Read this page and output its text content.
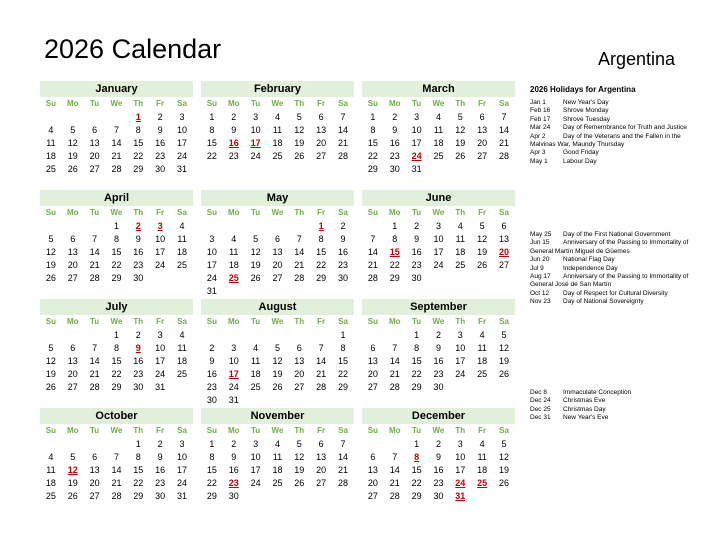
2026 Calendar	Argentina
January
Su	Mo	Tu	We	Th	Fr	Sa
				1	2	3
4	5	6	7	8	9	10
11	12	13	14	15	16	17
18	19	20	21	22	23	24
25	26	27	28	29	30	31

February
Su	Mo	Tu	We	Th	Fr	Sa
1	2	3	4	5	6	7
8	9	10	11	12	13	14
15	16	17	18	19	20	21
22	23	24	25	26	27	28

March
Su	Mo	Tu	We	Th	Fr	Sa
1	2	3	4	5	6	7
8	9	10	11	12	13	14
15	16	17	18	19	20	21
22	23	24	25	26	27	28
29	30	31				

April
Su	Mo	Tu	We	Th	Fr	Sa
			1	2	3	4
5	6	7	8	9	10	11
12	13	14	15	16	17	18
19	20	21	22	23	24	25
26	27	28	29	30		

May
Su	Mo	Tu	We	Th	Fr	Sa
					1	2
3	4	5	6	7	8	9
10	11	12	13	14	15	16
17	18	19	20	21	22	23
24	25	26	27	28	29	30
31						
June
Su	Mo	Tu	We	Th	Fr	Sa
	1	2	3	4	5	6
7	8	9	10	11	12	13
14	15	16	17	18	19	20
21	22	23	24	25	26	27
28	29	30				

July
Su	Mo	Tu	We	Th	Fr	Sa
			1	2	3	4
5	6	7	8	9	10	11
12	13	14	15	16	17	18
19	20	21	22	23	24	25
26	27	28	29	30	31	

August
Su	Mo	Tu	We	Th	Fr	Sa
						1
2	3	4	5	6	7	8
9	10	11	12	13	14	15
16	17	18	19	20	21	22
23	24	25	26	27	28	29
30	31					
September
Su	Mo	Tu	We	Th	Fr	Sa
		1	2	3	4	5
6	7	8	9	10	11	12
13	14	15	16	17	18	19
20	21	22	23	24	25	26
27	28	29	30			

October
Su	Mo	Tu	We	Th	Fr	Sa
				1	2	3
4	5	6	7	8	9	10
11	12	13	14	15	16	17
18	19	20	21	22	23	24
25	26	27	28	29	30	31

November
Su	Mo	Tu	We	Th	Fr	Sa
1	2	3	4	5	6	7
8	9	10	11	12	13	14
15	16	17	18	19	20	21
22	23	24	25	26	27	28
29	30					

December
Su	Mo	Tu	We	Th	Fr	Sa
		1	2	3	4	5
6	7	8	9	10	11	12
13	14	15	16	17	18	19
20	21	22	23	24	25	26
27	28	29	30	31		

2026 Holidays for Argentina
Jan 1	New Year's Day
Feb 16	Shrove Monday
Feb 17	Shrove Tuesday
Mar 24	Day of Remembrance for Truth and Justice
Apr 2	Day of the Veterans and the Fallen in the Malvinas War, Maundy Thursday
Apr 3	Good Friday
May 1	Labour Day
May 25	Day of the First National Government
Jun 15	Anniversary of the Passing to Immortality of General Martín Miguel de Güemes
Jun 20	National Flag Day
Jul 9	Independence Day
Aug 17	Anniversary of the Passing to Immortality of General José de San Martín
Oct 12	Day of Respect for Cultural Diversity
Nov 23	Day of National Sovereignty
Dec 8	Immaculate Conception
Dec 24	Christmas Eve
Dec 25	Christmas Day
Dec 31	New Year's Eve
